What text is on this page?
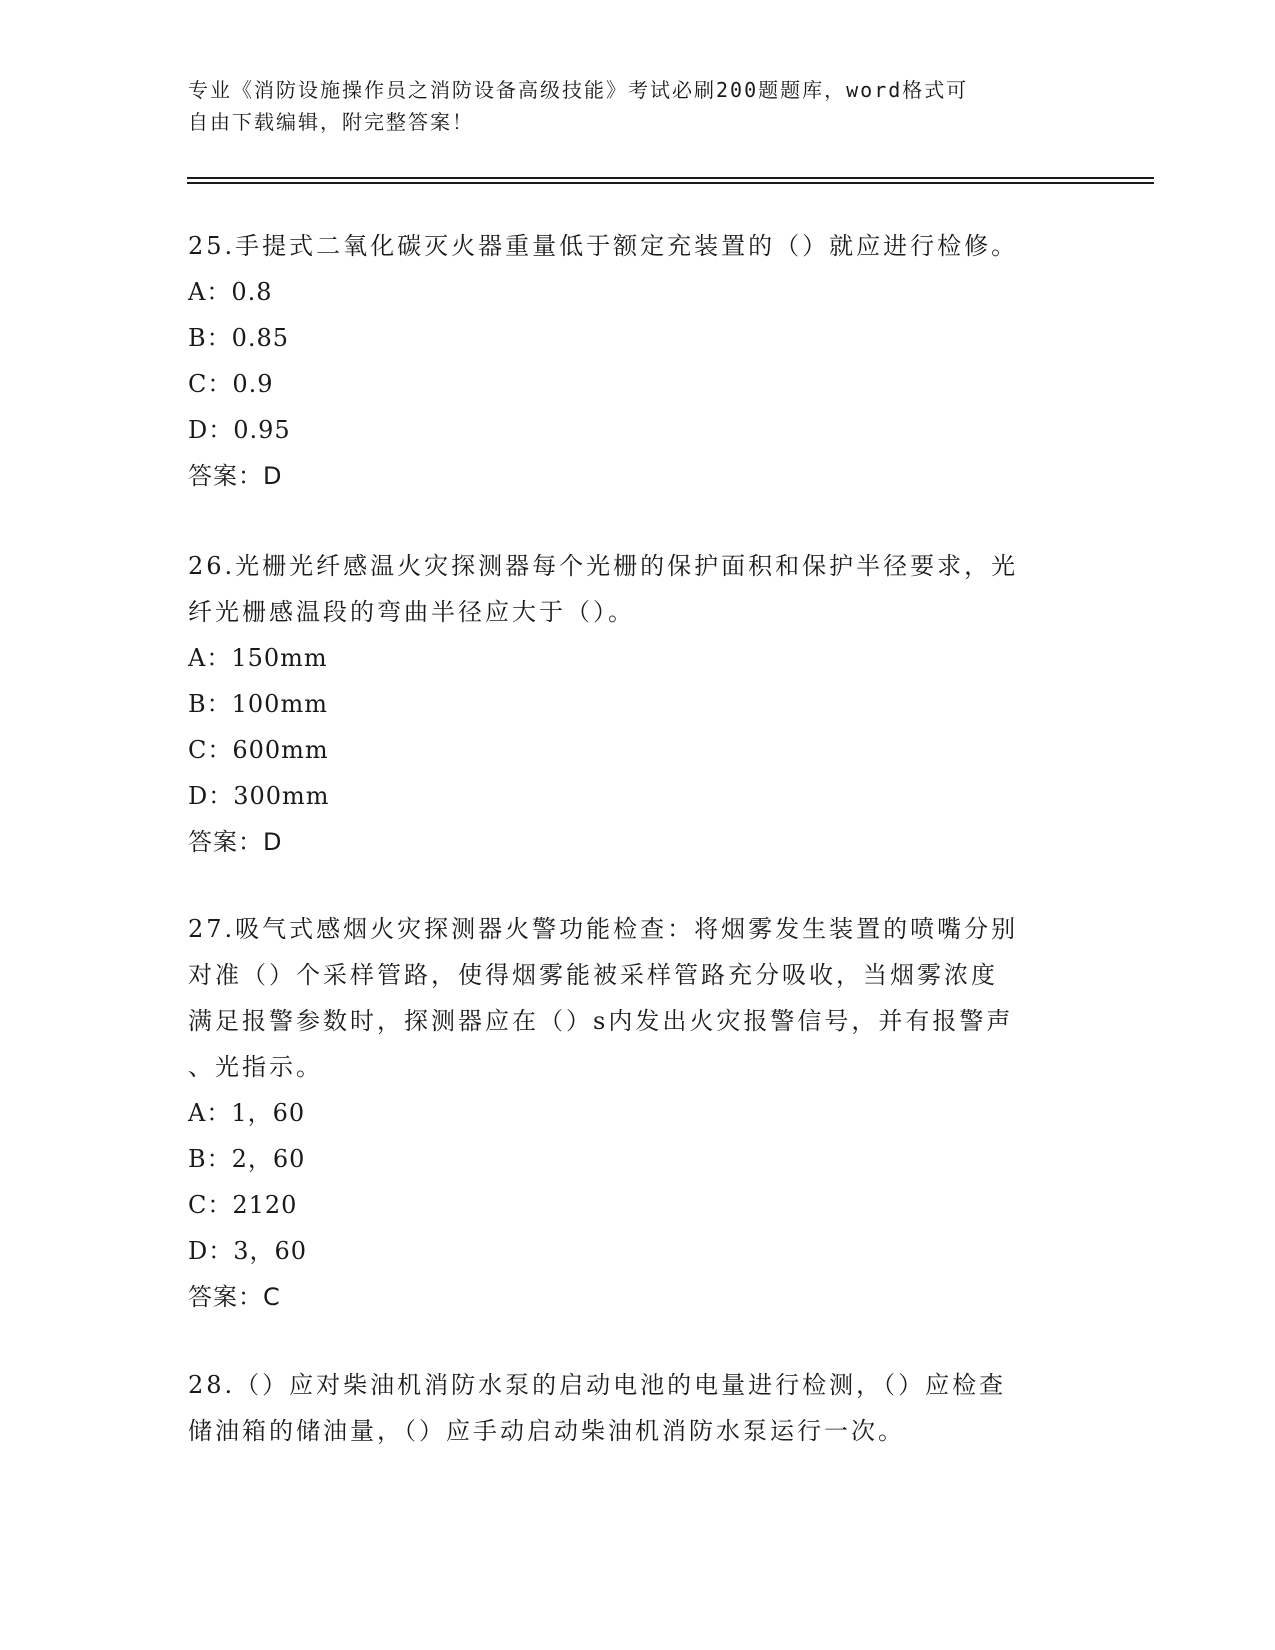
专业《消防设施操作员之消防设备高级技能》考试必刷200题题库，word格式可
自由下载编辑，附完整答案！
25.手提式二氧化碳灭火器重量低于额定充装置的（）就应进行检修。
A：0.8
B：0.85
C：0.9
D：0.95
答案：D
26.光栅光纤感温火灾探测器每个光栅的保护面积和保护半径要求，光
纤光栅感温段的弯曲半径应大于（）。
A：150mm
B：100mm
C：600mm
D：300mm
答案：D
27.吸气式感烟火灾探测器火警功能检查：将烟雾发生装置的喷嘴分别
对准（）个采样管路，使得烟雾能被采样管路充分吸收，当烟雾浓度
满足报警参数时，探测器应在（）s内发出火灾报警信号，并有报警声
、光指示。
A：1，60
B：2，60
C：2120
D：3，60
答案：C
28.（）应对柴油机消防水泵的启动电池的电量进行检测，（）应检查
储油箱的储油量，（）应手动启动柴油机消防水泵运行一次。
